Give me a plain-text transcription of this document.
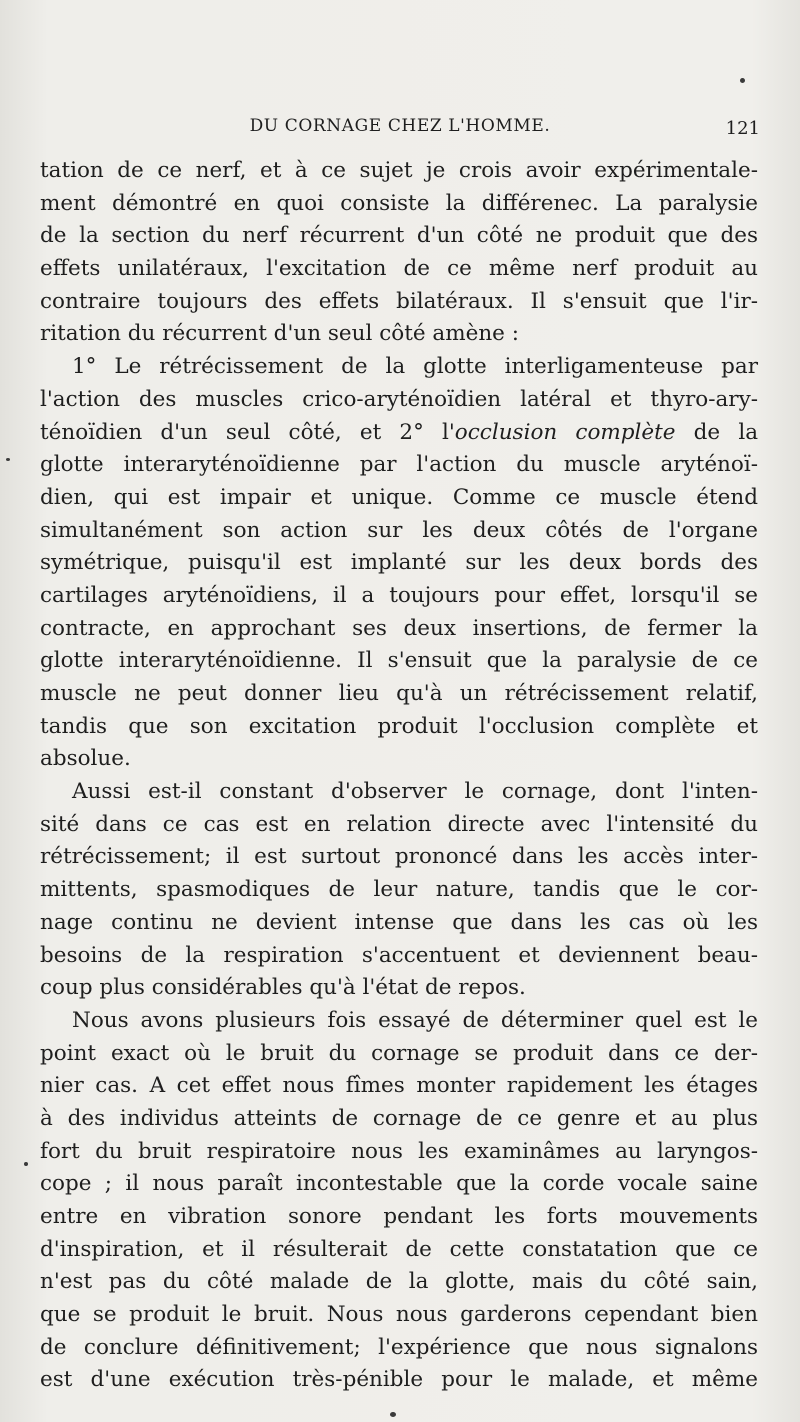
DU CORNAGE CHEZ L'HOMME.	121
tation de ce nerf, et à ce sujet je crois avoir expérimentale-
ment démontré en quoi consiste la différenec. La paralysie
de la section du nerf récurrent d'un côté ne produit que des
effets unilatéraux, l'excitation de ce même nerf produit au
contraire toujours des effets bilatéraux. Il s'ensuit que l'ir-
ritation du récurrent d'un seul côté amène :
1° Le rétrécissement de la glotte interligamenteuse par
l'action des muscles crico-aryténoïdien latéral et thyro-ary-
ténoïdien d'un seul côté, et 2° l'occlusion complète de la
glotte interaryténoïdienne par l'action du muscle aryténoï-
dien, qui est impair et unique. Comme ce muscle étend
simultanément son action sur les deux côtés de l'organe
symétrique, puisqu'il est implanté sur les deux bords des
cartilages aryténoïdiens, il a toujours pour effet, lorsqu'il se
contracte, en approchant ses deux insertions, de fermer la
glotte interaryténoïdienne. Il s'ensuit que la paralysie de ce
muscle ne peut donner lieu qu'à un rétrécissement relatif,
tandis que son excitation produit l'occlusion complète et
absolue.
Aussi est-il constant d'observer le cornage, dont l'inten-
sité dans ce cas est en relation directe avec l'intensité du
rétrécissement; il est surtout prononcé dans les accès inter-
mittents, spasmodiques de leur nature, tandis que le cor-
nage continu ne devient intense que dans les cas où les
besoins de la respiration s'accentuent et deviennent beau-
coup plus considérables qu'à l'état de repos.
Nous avons plusieurs fois essayé de déterminer quel est le
point exact où le bruit du cornage se produit dans ce der-
nier cas. A cet effet nous fîmes monter rapidement les étages
à des individus atteints de cornage de ce genre et au plus
fort du bruit respiratoire nous les examinâmes au laryngos-
cope ; il nous paraît incontestable que la corde vocale saine
entre en vibration sonore pendant les forts mouvements
d'inspiration, et il résulterait de cette constatation que ce
n'est pas du côté malade de la glotte, mais du côté sain,
que se produit le bruit. Nous nous garderons cependant bien
de conclure définitivement; l'expérience que nous signalons
est d'une exécution très-pénible pour le malade, et même
